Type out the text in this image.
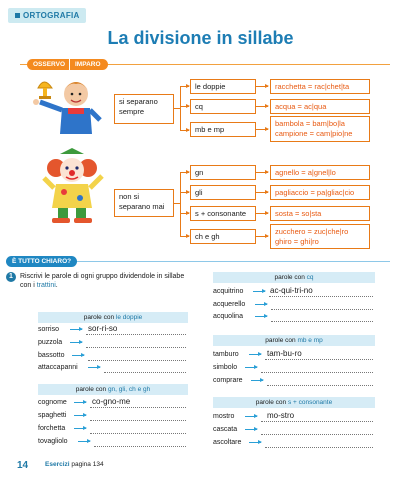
ORTOGRAFIA
La divisione in sillabe
OSSERVO	IMPARO
si separano sempre
le doppie
cq
mb e mp
racchetta = rac|chet|ta
acqua = ac|qua
bambola = bam|bo|la
campione = cam|pio|ne
non si separano mai
gn
gli
s + consonante
ch e gh
agnello = a|gnel|lo
pagliaccio = pa|gliac|cio
sosta = so|sta
zucchero = zuc|che|ro
ghiro = ghi|ro
È TUTTO CHIARO?
1	Riscrivi le parole di ogni gruppo dividendole in sillabe con i trattini.
parole con le doppie
sorriso	sor-ri-so
puzzola
bassotto
attaccapanni
parole con gn, gli, ch e gh
cognome	co-gno-me
spaghetti
forchetta
tovagliolo
parole con cq
acquitrino	ac-qui-tri-no
acquerello
acquolina
parole con mb e mp
tamburo	tam-bu-ro
simbolo
comprare
parole con s + consonante
mostro	mo-stro
cascata
ascoltare
14	Esercizi pagina 134
